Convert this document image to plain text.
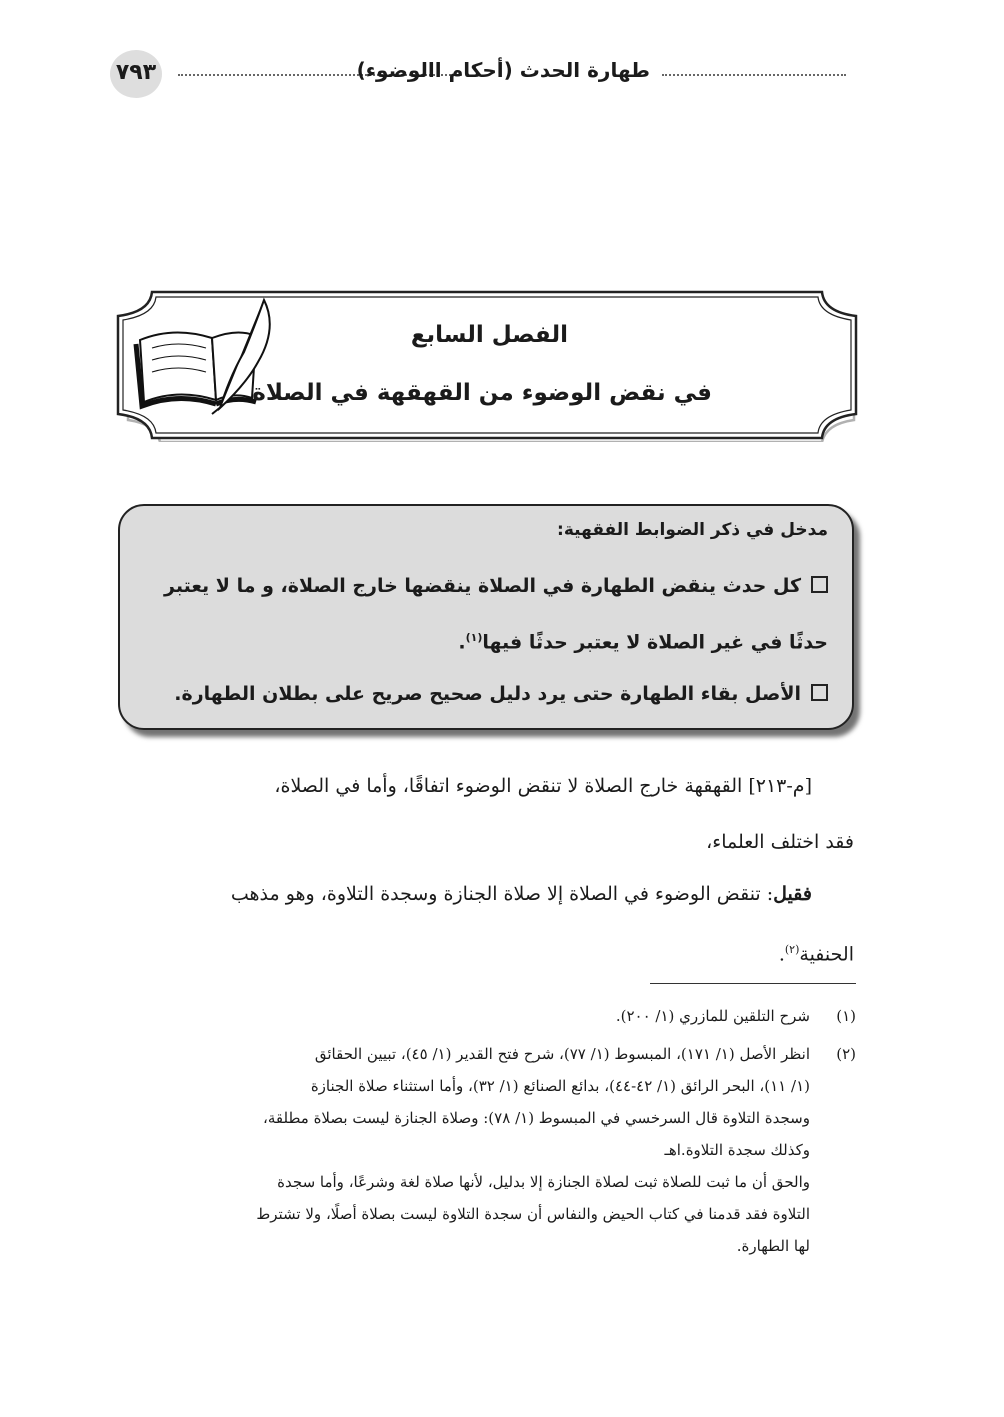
٧٩٣	طهارة الحدث (أحكام االوضوء)
الفصل السابع
في نقض الوضوء من القهقهة في الصلاة
مدخل في ذكر الضوابط الفقهية:
كل حدث ينقض الطهارة في الصلاة ينقضها خارج الصلاة، و ما لا يعتبر
حدثًا في غير الصلاة لا يعتبر حدثًا فيها$^{(١)}$.
الأصل بقاء الطهارة حتى يرد دليل صحيح صريح على بطلان الطهارة.
[م-٢١٣] القهقهة خارج الصلاة لا تنقض الوضوء اتفاقًا، وأما في الصلاة،
فقد اختلف العلماء،
فقيل: تنقض الوضوء في الصلاة إلا صلاة الجنازة وسجدة التلاوة، وهو مذهب
الحنفية$^{(٢)}$.
(١)
شرح التلقين للمازري (١/ ٢٠٠).
(٢)
انظر الأصل (١/ ١٧١)، المبسوط (١/ ٧٧)، شرح فتح القدير (١/ ٤٥)، تبيين الحقائق
(١/ ١١)، البحر الرائق (١/ ٤٢-٤٤)، بدائع الصنائع (١/ ٣٢)، وأما استثناء صلاة الجنازة
وسجدة التلاوة قال السرخسي في المبسوط (١/ ٧٨): وصلاة الجنازة ليست بصلاة مطلقة،
وكذلك سجدة التلاوة.اهـ
والحق أن ما ثبت للصلاة ثبت لصلاة الجنازة إلا بدليل، لأنها صلاة لغة وشرعًا، وأما سجدة
التلاوة فقد قدمنا في كتاب الحيض والنفاس أن سجدة التلاوة ليست بصلاة أصلًا، ولا تشترط
لها الطهارة.
